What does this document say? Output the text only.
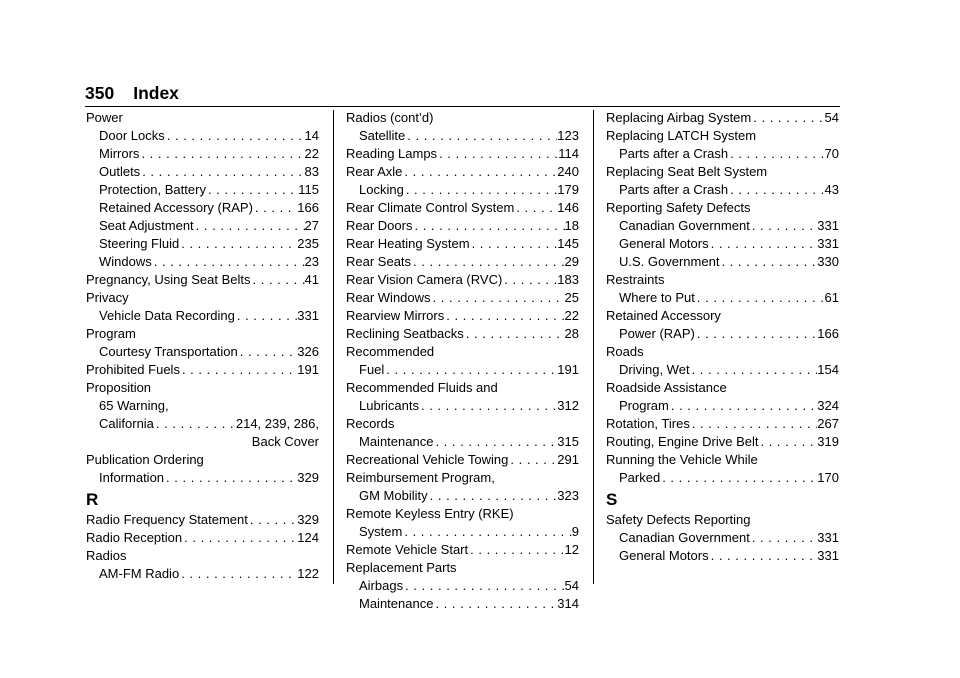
350 Index
Power
Door Locks . . .	14
Mirrors . . .	22
Outlets . . .	83
Protection, Battery . . .	115
Retained Accessory (RAP) . . .	166
Seat Adjustment . . .	27
Steering Fluid . . .	235
Windows . . .	23
Pregnancy, Using Seat Belts . . .	41
Privacy
Vehicle Data Recording . . .	331
Program
Courtesy Transportation . . .	326
Prohibited Fuels . . .	191
Proposition
65 Warning,
California . . .	214, 239, 286,
Back Cover
Publication Ordering
Information . . .	329
R
Radio Frequency Statement . . .	329
Radio Reception . . .	124
Radios
AM-FM Radio . . .	122
Radios (cont’d)
Satellite . . .	123
Reading Lamps . . .	114
Rear Axle . . .	240
Locking . . .	179
Rear Climate Control System . . .	146
Rear Doors . . .	18
Rear Heating System . . .	145
Rear Seats . . .	29
Rear Vision Camera (RVC) . . .	183
Rear Windows . . .	25
Rearview Mirrors . . .	22
Reclining Seatbacks . . .	28
Recommended
Fuel . . .	191
Recommended Fluids and
Lubricants . . .	312
Records
Maintenance . . .	315
Recreational Vehicle Towing . . .	291
Reimbursement Program,
GM Mobility . . .	323
Remote Keyless Entry (RKE)
System . . .	9
Remote Vehicle Start . . .	12
Replacement Parts
Airbags . . .	54
Maintenance . . .	314
Replacing Airbag System . . .	54
Replacing LATCH System
Parts after a Crash . . .	70
Replacing Seat Belt System
Parts after a Crash . . .	43
Reporting Safety Defects
Canadian Government . . .	331
General Motors . . .	331
U.S. Government . . .	330
Restraints
Where to Put . . .	61
Retained Accessory
Power (RAP) . . .	166
Roads
Driving, Wet . . .	154
Roadside Assistance
Program . . .	324
Rotation, Tires . . .	267
Routing, Engine Drive Belt . . .	319
Running the Vehicle While
Parked . . .	170
S
Safety Defects Reporting
Canadian Government . . .	331
General Motors . . .	331
